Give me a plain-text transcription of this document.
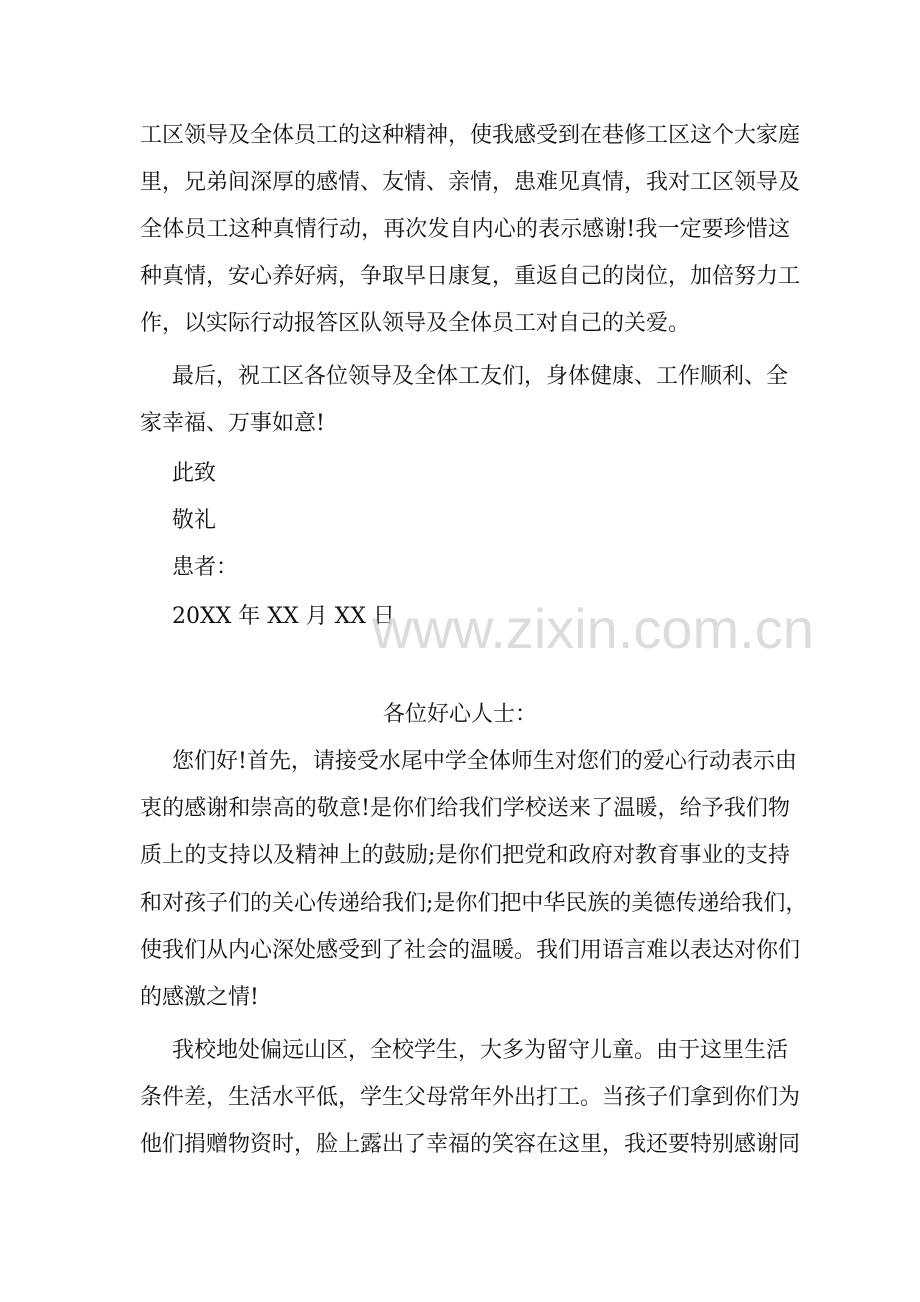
工区领导及全体员工的这种精神，使我感受到在巷修工区这个大家庭
里，兄弟间深厚的感情、友情、亲情，患难见真情，我对工区领导及
全体员工这种真情行动，再次发自内心的表示感谢!我一定要珍惜这
种真情，安心养好病，争取早日康复，重返自己的岗位，加倍努力工
作，以实际行动报答区队领导及全体员工对自己的关爱。
最后，祝工区各位领导及全体工友们，身体健康、工作顺利、全
家幸福、万事如意!
此致
敬礼
患者：
20XX 年 XX 月 XX 日
各位好心人士：
您们好!首先，请接受水尾中学全体师生对您们的爱心行动表示由
衷的感谢和崇高的敬意!是你们给我们学校送来了温暖，给予我们物
质上的支持以及精神上的鼓励;是你们把党和政府对教育事业的支持
和对孩子们的关心传递给我们;是你们把中华民族的美德传递给我们，
使我们从内心深处感受到了社会的温暖。我们用语言难以表达对你们
的感激之情!
我校地处偏远山区，全校学生，大多为留守儿童。由于这里生活
条件差，生活水平低，学生父母常年外出打工。当孩子们拿到你们为
他们捐赠物资时，脸上露出了幸福的笑容在这里，我还要特别感谢同
www.zixin.com.cn
